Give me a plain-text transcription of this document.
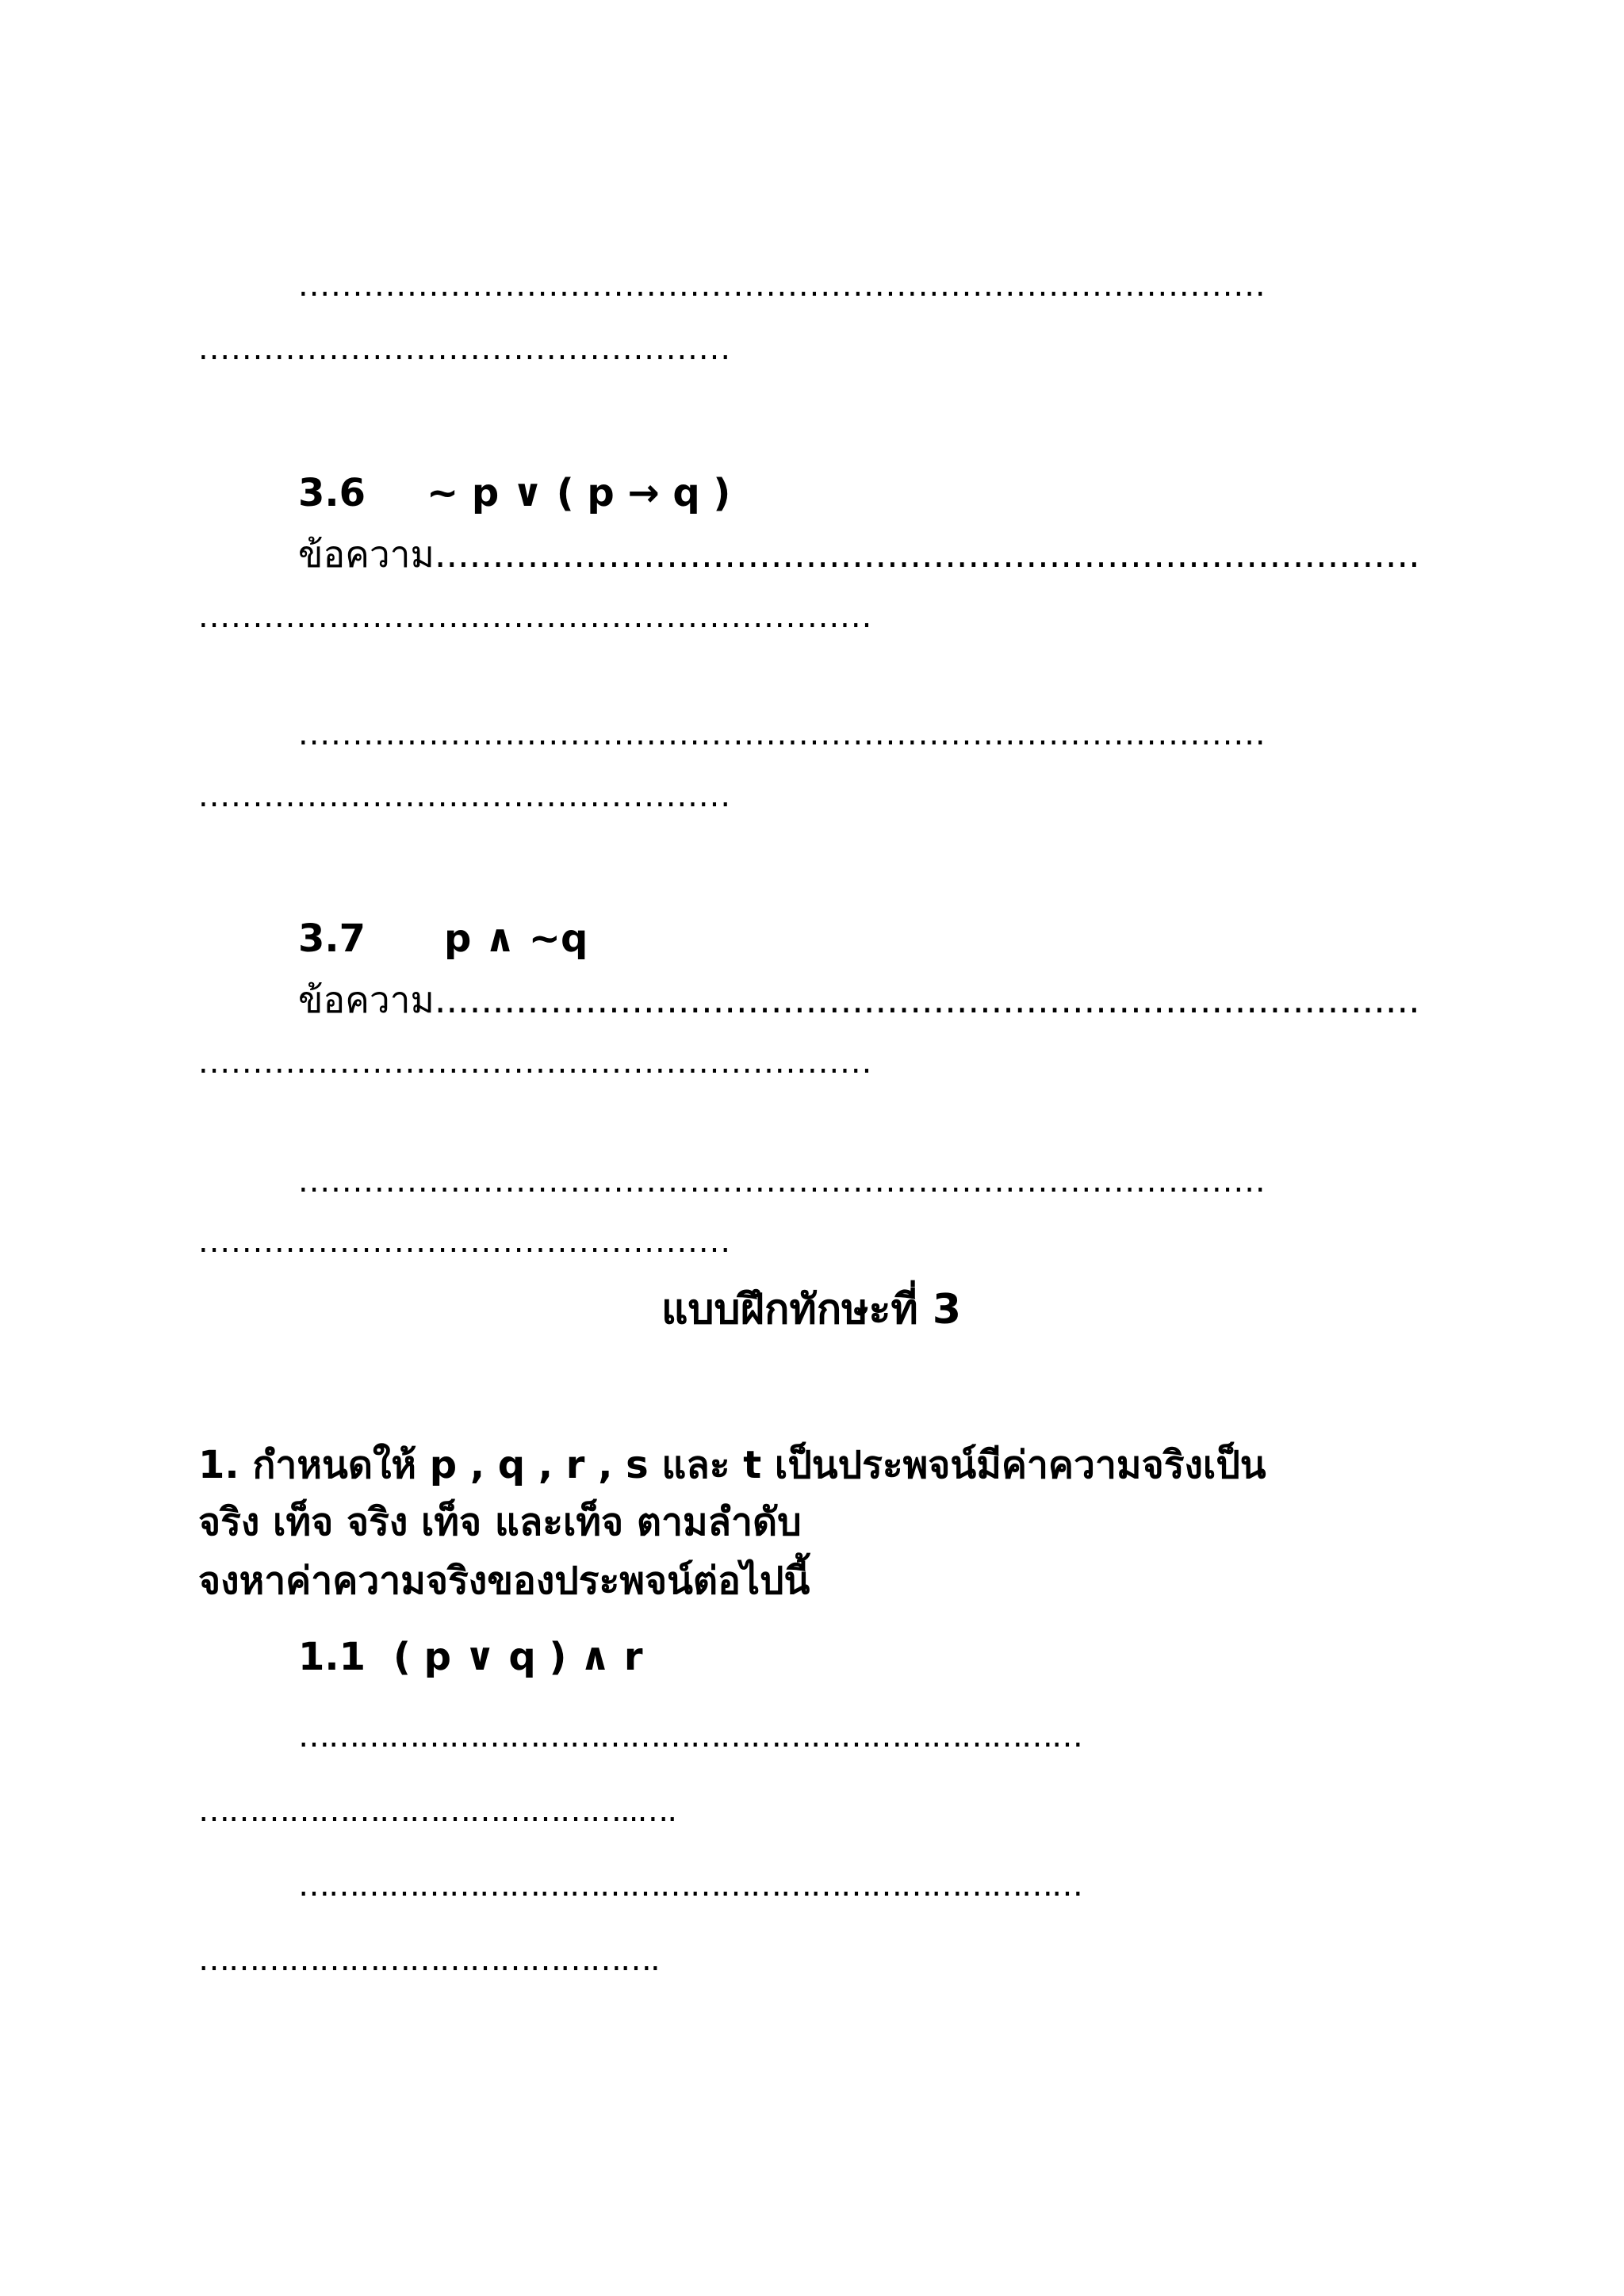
.........................................................................................
.................................................
3.6 ~ p ∨ ( p → q )
ข้อความ.....................................................................................
..............................................................
.........................................................................................
.................................................
3.7 p ∧ ~q
ข้อความ.....................................................................................
..............................................................
.........................................................................................
.................................................
แบบฝึกทักษะที่ 3
1. กำหนดให้ p , q , r , s และ t เป็นประพจน์มีค่าความจริงเป็น
จริง เท็จ จริง เท็จ และเท็จ ตามลำดับ
จงหาค่าความจริงของประพจน์ต่อไปนี้
1.1 ( p ∨ q ) ∧ r
……………………………………………………………………
……………………………………..….
……………………………………………………………………
……………………………………….
